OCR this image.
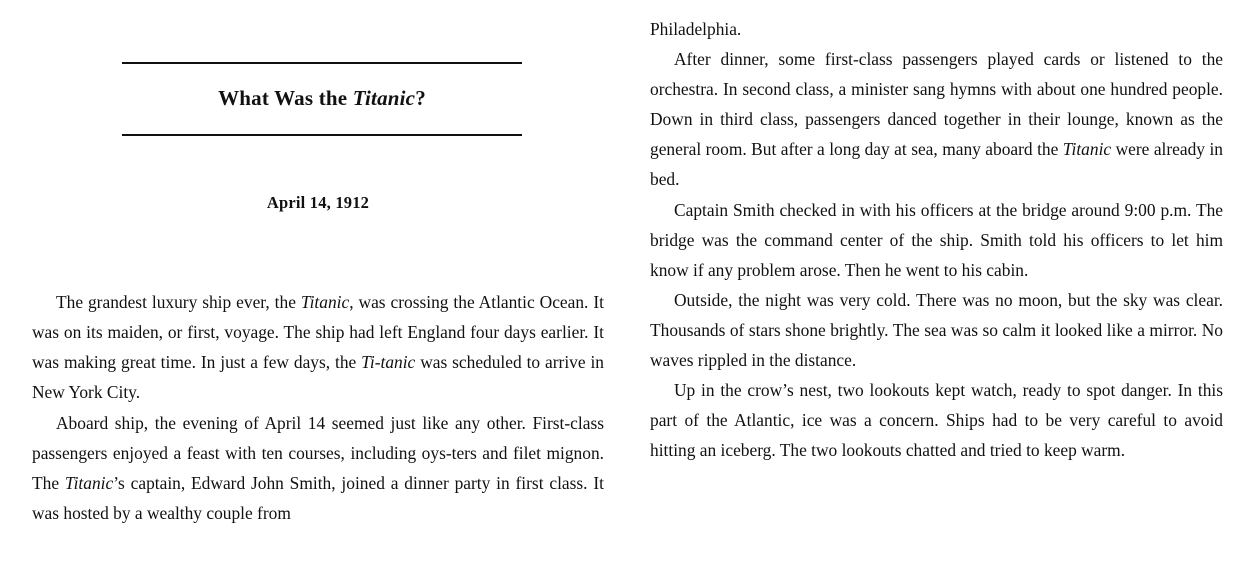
What Was the Titanic?
April 14, 1912

The grandest luxury ship ever, the Titanic, was crossing the Atlantic Ocean. It was on its maiden, or first, voyage. The ship had left England four days earlier. It was making great time. In just a few days, the Ti-tanic was scheduled to arrive in New York City.

Aboard ship, the evening of April 14 seemed just like any other. First-class passengers enjoyed a feast with ten courses, including oys-ters and filet mignon. The Titanic’s captain, Edward John Smith, joined a dinner party in first class. It was hosted by a wealthy couple from

Philadelphia.

After dinner, some first-class passengers played cards or listened to the orchestra. In second class, a minister sang hymns with about one hundred people. Down in third class, passengers danced together in their lounge, known as the general room. But after a long day at sea, many aboard the Titanic were already in bed.

Captain Smith checked in with his officers at the bridge around 9:00 p.m. The bridge was the command center of the ship. Smith told his officers to let him know if any problem arose. Then he went to his cabin.

Outside, the night was very cold. There was no moon, but the sky was clear. Thousands of stars shone brightly. The sea was so calm it looked like a mirror. No waves rippled in the distance.

Up in the crow’s nest, two lookouts kept watch, ready to spot danger. In this part of the Atlantic, ice was a concern. Ships had to be very careful to avoid hitting an iceberg. The two lookouts chatted and tried to keep warm.
